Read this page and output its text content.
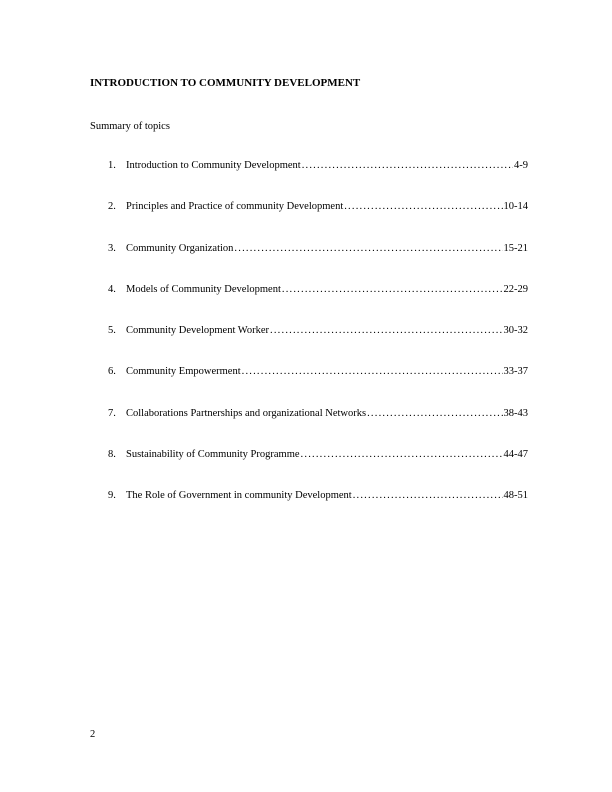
INTRODUCTION TO COMMUNITY DEVELOPMENT
Summary of topics
1. Introduction to Community Development .....	4-9
2. Principles and Practice of community Development .....	10-14
3. Community Organization .....	15-21
4. Models of Community Development .....	22-29
5. Community Development Worker .....	30-32
6. Community Empowerment .....	33-37
7. Collaborations Partnerships and organizational Networks .....	38-43
8. Sustainability of Community Programme .....	44-47
9. The Role of Government in community Development .....	48-51
2
